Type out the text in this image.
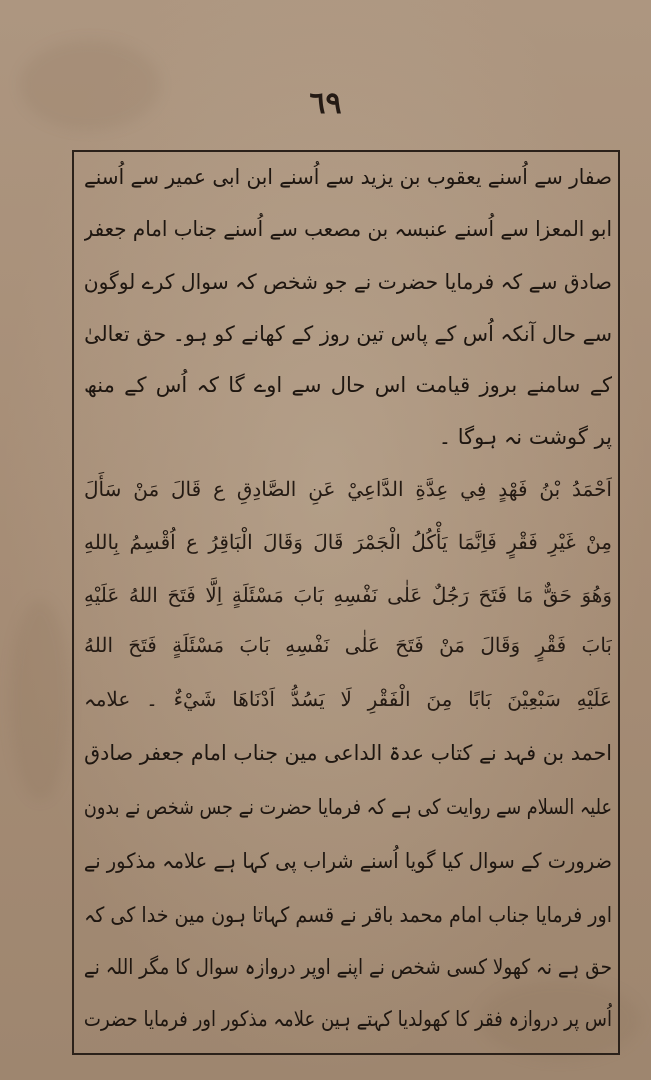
٦٩
صفار سے اُسنے یعقوب بن یزید سے اُسنے ابن ابی عمیر سے اُسنے
ابو المعزا سے اُسنے عنبسہ بن مصعب سے اُسنے جناب امام جعفر
صادق سے کہ فرمایا حضرت نے جو شخص کہ سوال کرے لوگون
سے حال آنکہ اُس کے پاس تین روز کے کھانے کو ہو۔ حق تعالیٰ
کے سامنے بروز قیامت اس حال سے اوے گا کہ اُس کے منھ
پر گوشت نہ ہوگا ۔
اَحْمَدُ بْنُ فَهْدٍ فِي عِدَّةِ الدَّاعِيْ عَنِ الصَّادِقِ ع قَالَ مَنْ سَأَلَ
مِنْ غَيْرِ فَقْرٍ فَاِنَّمَا يَأْكُلُ الْجَمْرَ قَالَ وَقَالَ الْبَاقِرُ ع اُقْسِمُ بِاللهِ
وَهُوَ حَقٌّ مَا فَتَحَ رَجُلٌ عَلٰى نَفْسِهِ بَابَ مَسْئَلَةٍ اِلَّا فَتَحَ اللهُ عَلَيْهِ
بَابَ فَقْرٍ وَقَالَ مَنْ فَتَحَ عَلٰى نَفْسِهِ بَابَ مَسْئَلَةٍ فَتَحَ اللهُ
عَلَيْهِ سَبْعِيْنَ بَابًا مِنَ الْفَقْرِ لَا يَسُدُّ اَدْنَاهَا شَيْءٌ ۔ علامہ
احمد بن فہد نے کتاب عدۃ الداعی مین جناب امام جعفر صادق
علیہ السلام سے روایت کی ہے کہ فرمایا حضرت نے جس شخص نے بدون
ضرورت کے سوال کیا گویا اُسنے شراب پی کہا ہے علامہ مذکور نے
اور فرمایا جناب امام محمد باقر نے قسم کہاتا ہون مین خدا کی کہ
حق ہے نہ کھولا کسی شخص نے اپنے اوپر دروازہ سوال کا مگر اللہ نے
اُس پر دروازہ فقر کا کھولدیا کہتے ہین علامہ مذکور اور فرمایا حضرت
